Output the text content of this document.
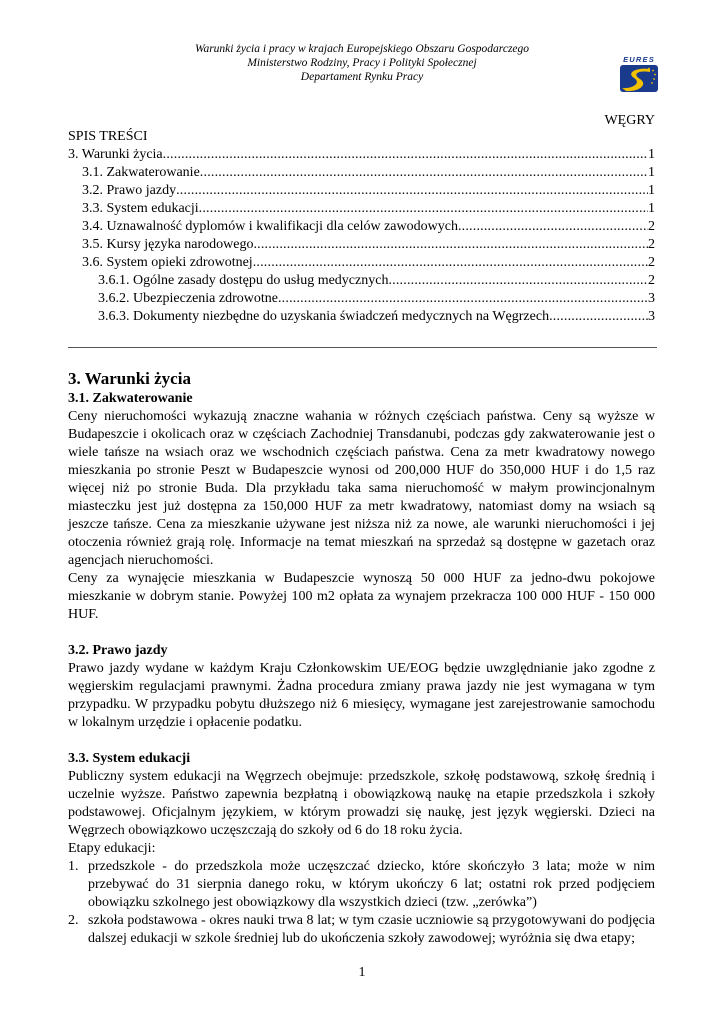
Warunki życia i pracy w krajach Europejskiego Obszaru Gospodarczego
Ministerstwo Rodziny, Pracy i Polityki Społecznej
Departament Rynku Pracy
EURES
WĘGRY
SPIS TREŚCI
3. Warunki życia .....	1
3.1. Zakwaterowanie .....	1
3.2. Prawo jazdy .....	1
3.3. System edukacji .....	1
3.4. Uznawalność dyplomów i kwalifikacji dla celów zawodowych .....	2
3.5. Kursy języka narodowego .....	2
3.6. System opieki zdrowotnej .....	2
3.6.1. Ogólne zasady dostępu do usług medycznych .....	2
3.6.2. Ubezpieczenia zdrowotne .....	3
3.6.3. Dokumenty niezbędne do uzyskania świadczeń medycznych na Węgrzech .....	3
3. Warunki życia
3.1. Zakwaterowanie
Ceny nieruchomości wykazują znaczne wahania w różnych częściach państwa. Ceny są wyższe w Budapeszcie i okolicach oraz w częściach Zachodniej Transdanubi, podczas gdy zakwaterowanie jest o wiele tańsze na wsiach oraz we wschodnich częściach państwa. Cena za metr kwadratowy nowego mieszkania po stronie Peszt w Budapeszcie wynosi od 200,000 HUF do 350,000 HUF i do 1,5 raz więcej niż po stronie Buda. Dla przykładu taka sama nieruchomość w małym prowincjonalnym miasteczku jest już dostępna za 150,000 HUF za metr kwadratowy, natomiast domy na wsiach są jeszcze tańsze. Cena za mieszkanie używane jest niższa niż za nowe, ale warunki nieruchomości i jej otoczenia również grają rolę. Informacje na temat mieszkań na sprzedaż są dostępne w gazetach oraz agencjach nieruchomości.
Ceny za wynajęcie mieszkania w Budapeszcie wynoszą 50 000 HUF za jedno-dwu pokojowe mieszkanie w dobrym stanie. Powyżej 100 m2 opłata za wynajem przekracza 100 000 HUF - 150 000 HUF.
3.2. Prawo jazdy
Prawo jazdy wydane w każdym Kraju Członkowskim UE/EOG będzie uwzględnianie jako zgodne z węgierskim regulacjami prawnymi. Żadna procedura zmiany prawa jazdy nie jest wymagana w tym przypadku. W przypadku pobytu dłuższego niż 6 miesięcy, wymagane jest zarejestrowanie samochodu w lokalnym urzędzie i opłacenie podatku.
3.3. System edukacji
Publiczny system edukacji na Węgrzech obejmuje: przedszkole, szkołę podstawową, szkołę średnią i uczelnie wyższe. Państwo zapewnia bezpłatną i obowiązkową naukę na etapie przedszkola i szkoły podstawowej. Oficjalnym językiem, w którym prowadzi się naukę, jest język węgierski. Dzieci na Węgrzech obowiązkowo uczęszczają do szkoły od 6 do 18 roku życia.
Etapy edukacji:
1. przedszkole - do przedszkola może uczęszczać dziecko, które skończyło 3 lata; może w nim przebywać do 31 sierpnia danego roku, w którym ukończy 6 lat; ostatni rok przed podjęciem obowiązku szkolnego jest obowiązkowy dla wszystkich dzieci (tzw. „zerówka”)
2. szkoła podstawowa - okres nauki trwa 8 lat; w tym czasie uczniowie są przygotowywani do podjęcia dalszej edukacji w szkole średniej lub do ukończenia szkoły zawodowej; wyróżnia się dwa etapy;
1
